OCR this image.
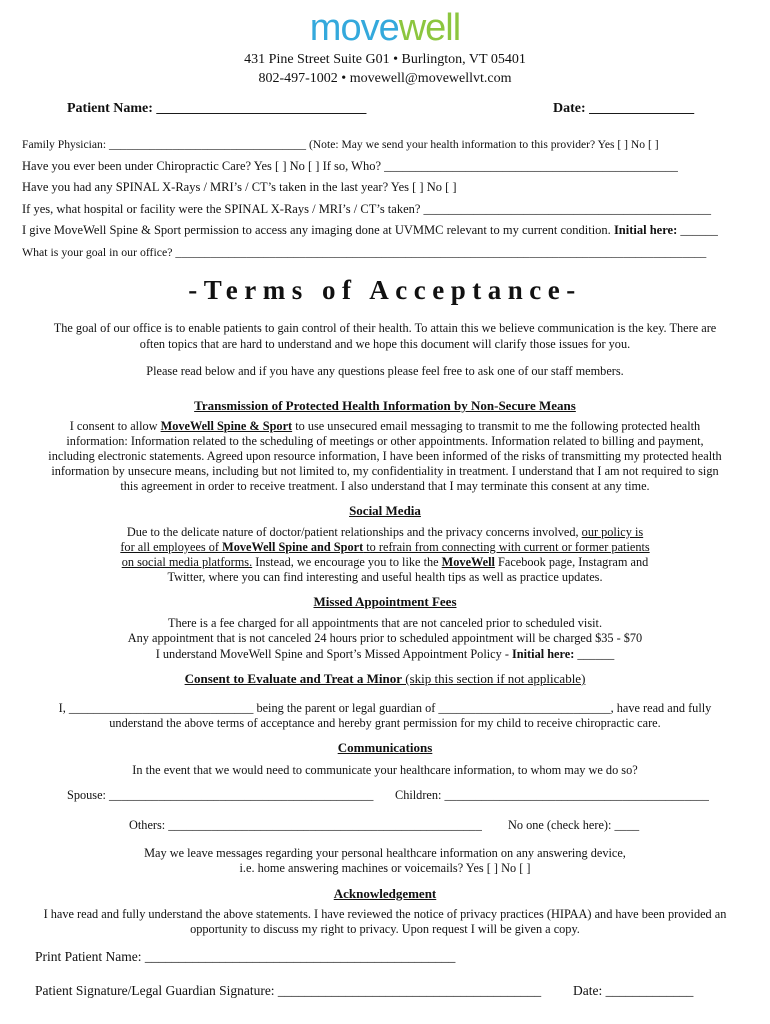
movewell
431 Pine Street Suite G01 • Burlington, VT 05401
802-497-1002 • movewell@movewellvt.com
Patient Name: ______________________________	Date: _______________
Family Physician: __________________________________ (Note: May we send your health information to this provider? Yes [ ] No [ ]
Have you ever been under Chiropractic Care? Yes [ ] No [ ] If so, Who? _______________________________________________
Have you had any SPINAL X-Rays / MRI’s / CT’s taken in the last year? Yes [ ] No [ ]
If yes, what hospital or facility were the SPINAL X-Rays / MRI’s / CT’s taken? ______________________________________________
I give MoveWell Spine & Sport permission to access any imaging done at UVMMC relevant to my current condition. Initial here: ______
What is your goal in our office? __________________________________________________________________________________________
-Terms of Acceptance-
The goal of our office is to enable patients to gain control of their health. To attain this we believe communication is the key. There are
often topics that are hard to understand and we hope this document will clarify those issues for you.
Please read below and if you have any questions please feel free to ask one of our staff members.
Transmission of Protected Health Information by Non-Secure Means
I consent to allow MoveWell Spine & Sport to use unsecured email messaging to transmit to me the following protected health
information: Information related to the scheduling of meetings or other appointments. Information related to billing and payment,
including electronic statements. Agreed upon resource information, I have been informed of the risks of transmitting my protected health
information by unsecure means, including but not limited to, my confidentiality in treatment. I understand that I am not required to sign
this agreement in order to receive treatment. I also understand that I may terminate this consent at any time.
Social Media
Due to the delicate nature of doctor/patient relationships and the privacy concerns involved, our policy is
for all employees of MoveWell Spine and Sport to refrain from connecting with current or former patients
on social media platforms. Instead, we encourage you to like the MoveWell Facebook page, Instagram and
Twitter, where you can find interesting and useful health tips as well as practice updates.
Missed Appointment Fees
There is a fee charged for all appointments that are not canceled prior to scheduled visit.
Any appointment that is not canceled 24 hours prior to scheduled appointment will be charged $35 - $70
I understand MoveWell Spine and Sport’s Missed Appointment Policy - Initial here: ______
Consent to Evaluate and Treat a Minor (skip this section if not applicable)
I, ______________________________ being the parent or legal guardian of ____________________________, have read and fully
understand the above terms of acceptance and hereby grant permission for my child to receive chiropractic care.
Communications
In the event that we would need to communicate your healthcare information, to whom may we do so?
Spouse: ___________________________________________ Children: ___________________________________________
Others: ___________________________________________________ No one (check here): ____
May we leave messages regarding your personal healthcare information on any answering device,
i.e. home answering machines or voicemails? Yes [ ] No [ ]
Acknowledgement
I have read and fully understand the above statements. I have reviewed the notice of privacy practices (HIPAA) and have been provided an
opportunity to discuss my right to privacy. Upon request I will be given a copy.
Print Patient Name: ______________________________________________
Patient Signature/Legal Guardian Signature: _______________________________________ Date: _____________
